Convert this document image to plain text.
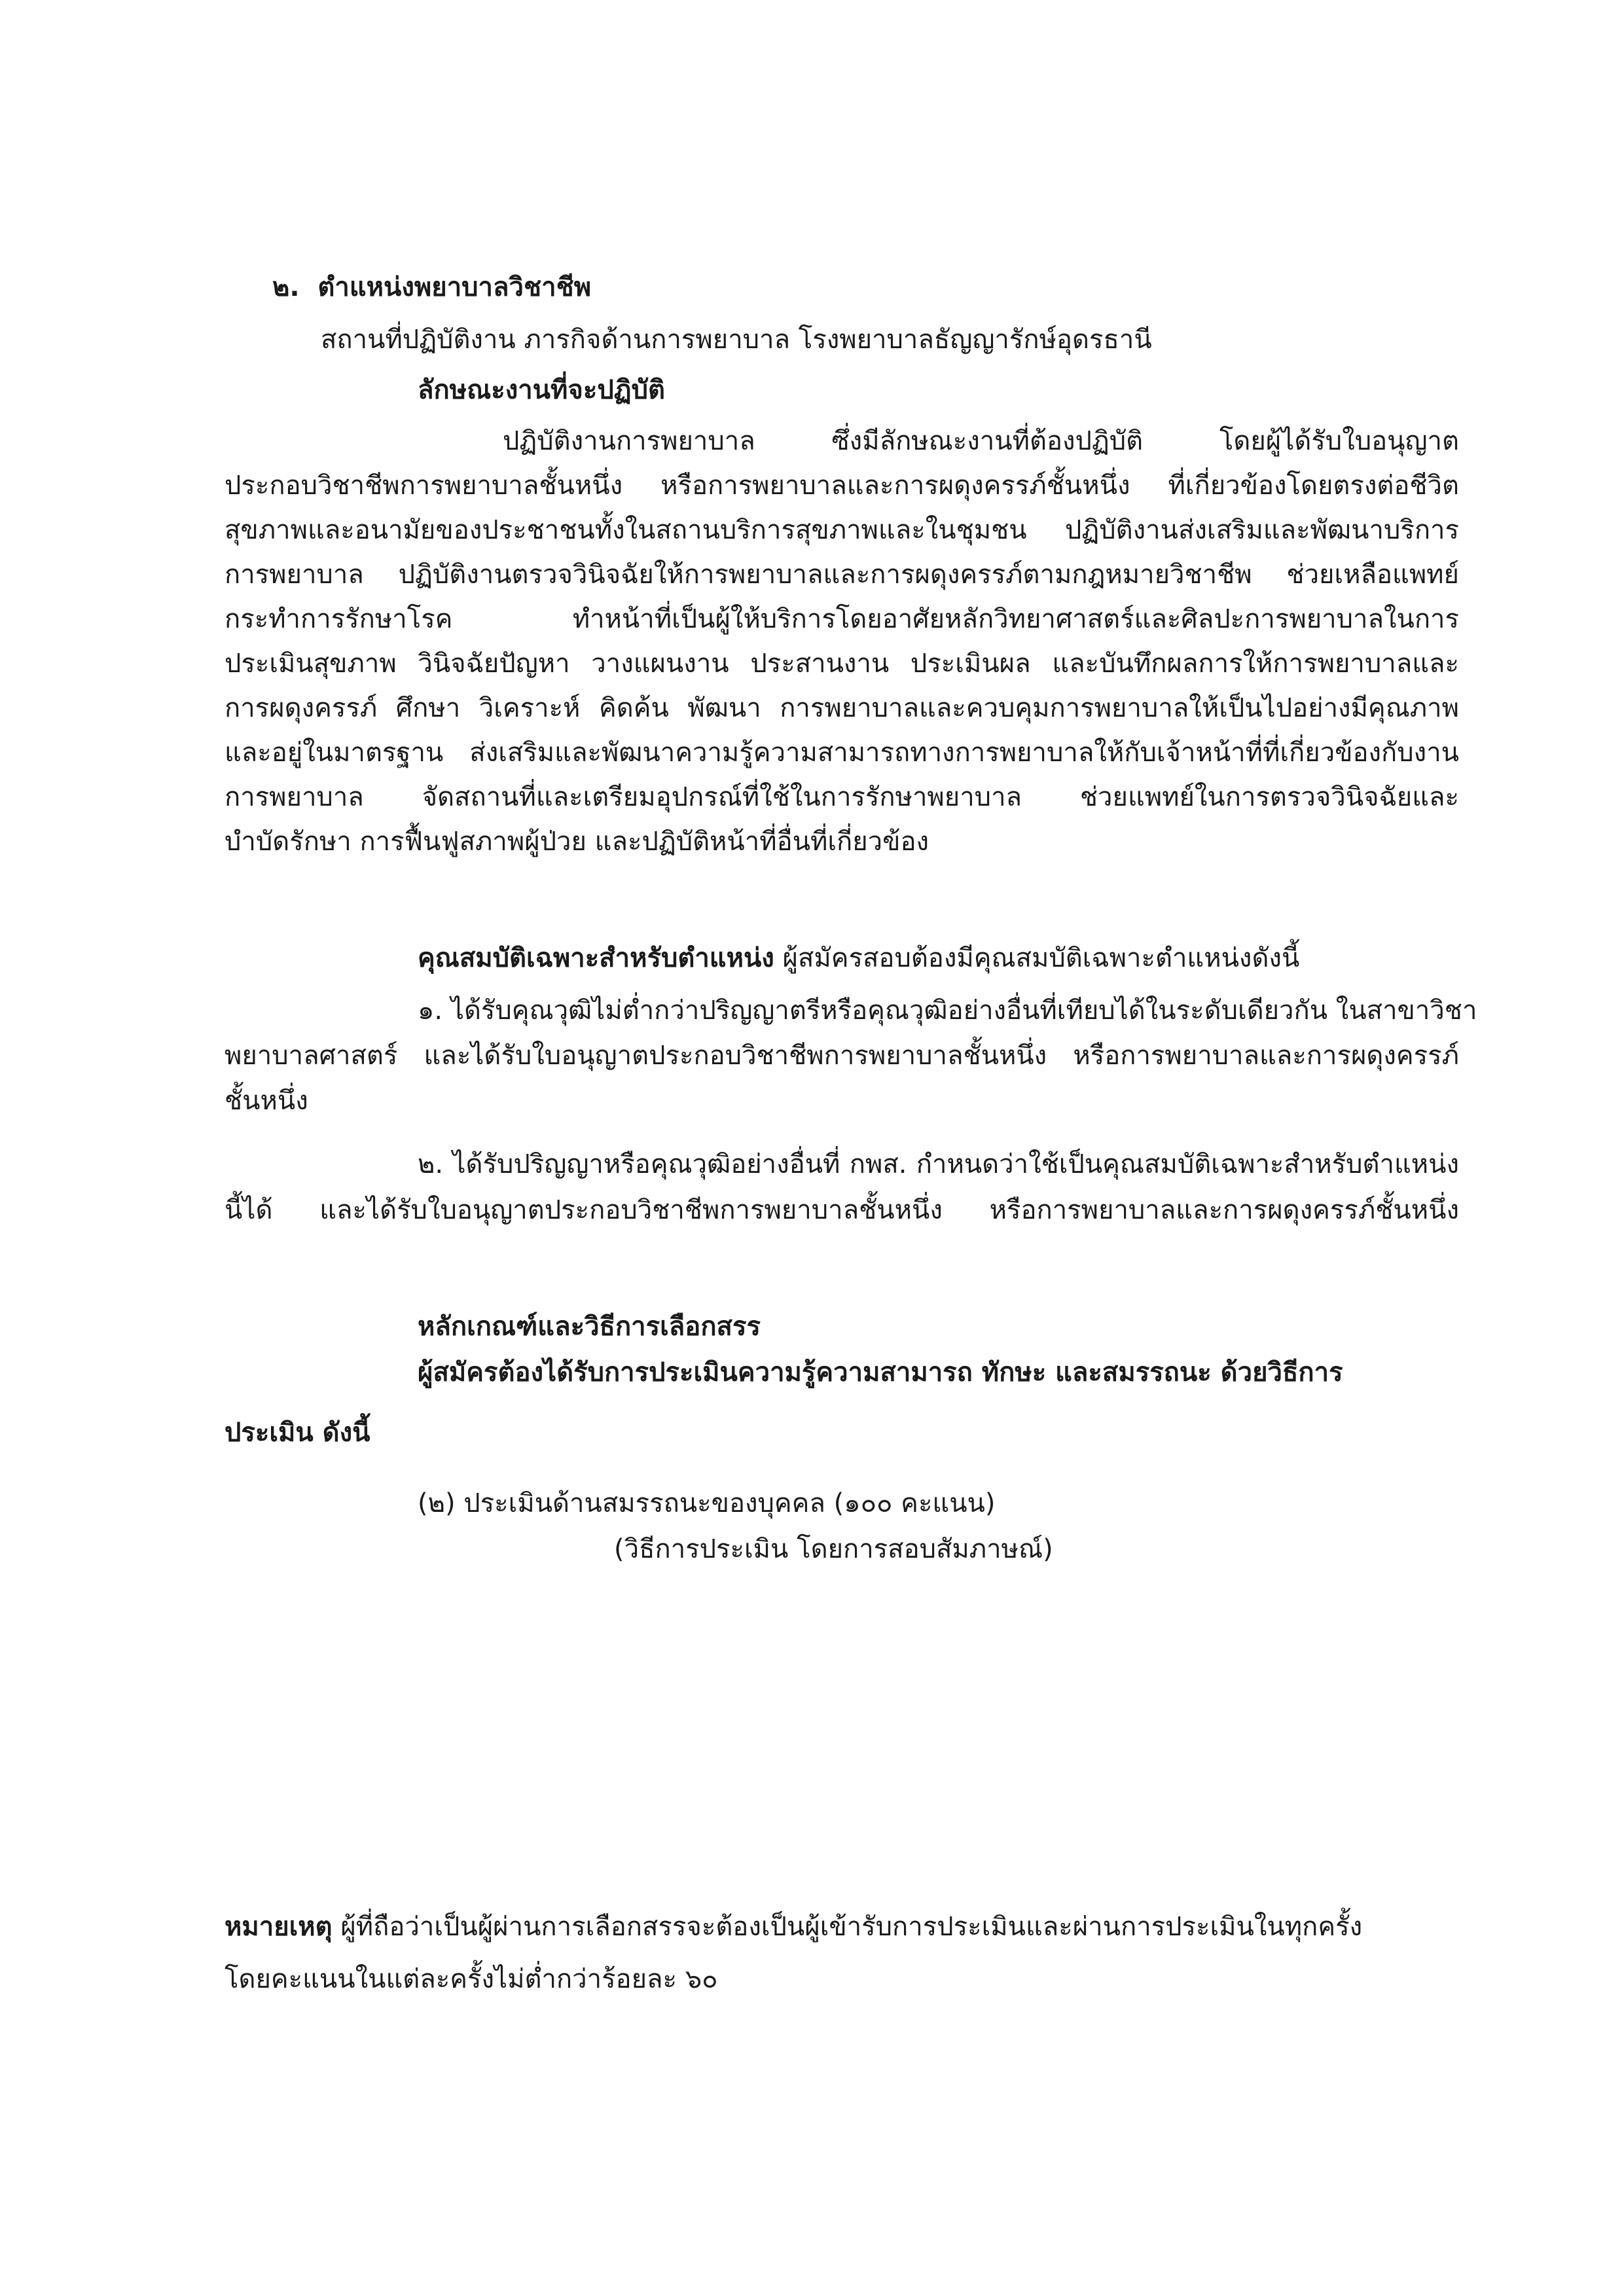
๒. ตำแหน่งพยาบาลวิชาชีพ
สถานที่ปฏิบัติงาน ภารกิจด้านการพยาบาล โรงพยาบาลธัญญารักษ์อุดรธานี
ลักษณะงานที่จะปฏิบัติ
ปฏิบัติงานการพยาบาล ซึ่งมีลักษณะงานที่ต้องปฏิบัติ โดยผู้ได้รับใบอนุญาต
ประกอบวิชาชีพการพยาบาลชั้นหนึ่ง หรือการพยาบาลและการผดุงครรภ์ชั้นหนึ่ง ที่เกี่ยวข้องโดยตรงต่อชีวิต
สุขภาพและอนามัยของประชาชนทั้งในสถานบริการสุขภาพและในชุมชน ปฏิบัติงานส่งเสริมและพัฒนาบริการ
การพยาบาล ปฏิบัติงานตรวจวินิจฉัยให้การพยาบาลและการผดุงครรภ์ตามกฎหมายวิชาชีพ ช่วยเหลือแพทย์
กระทำการรักษาโรค ทำหน้าที่เป็นผู้ให้บริการโดยอาศัยหลักวิทยาศาสตร์และศิลปะการพยาบาลในการ
ประเมินสุขภาพ วินิจฉัยปัญหา วางแผนงาน ประสานงาน ประเมินผล และบันทึกผลการให้การพยาบาลและ
การผดุงครรภ์ ศึกษา วิเคราะห์ คิดค้น พัฒนา การพยาบาลและควบคุมการพยาบาลให้เป็นไปอย่างมีคุณภาพ
และอยู่ในมาตรฐาน ส่งเสริมและพัฒนาความรู้ความสามารถทางการพยาบาลให้กับเจ้าหน้าที่ที่เกี่ยวข้องกับงาน
การพยาบาล จัดสถานที่และเตรียมอุปกรณ์ที่ใช้ในการรักษาพยาบาล ช่วยแพทย์ในการตรวจวินิจฉัยและ
บำบัดรักษา การฟื้นฟูสภาพผู้ป่วย และปฏิบัติหน้าที่อื่นที่เกี่ยวข้อง
คุณสมบัติเฉพาะสำหรับตำแหน่ง ผู้สมัครสอบต้องมีคุณสมบัติเฉพาะตำแหน่งดังนี้
๑. ได้รับคุณวุฒิไม่ต่ำกว่าปริญญาตรีหรือคุณวุฒิอย่างอื่นที่เทียบได้ในระดับเดียวกัน ในสาขาวิชา
พยาบาลศาสตร์ และได้รับใบอนุญาตประกอบวิชาชีพการพยาบาลชั้นหนึ่ง หรือการพยาบาลและการผดุงครรภ์
ชั้นหนึ่ง
๒. ได้รับปริญญาหรือคุณวุฒิอย่างอื่นที่ กพส. กำหนดว่าใช้เป็นคุณสมบัติเฉพาะสำหรับตำแหน่ง
นี้ได้ และได้รับใบอนุญาตประกอบวิชาชีพการพยาบาลชั้นหนึ่ง หรือการพยาบาลและการผดุงครรภ์ชั้นหนึ่ง
หลักเกณฑ์และวิธีการเลือกสรร
ผู้สมัครต้องได้รับการประเมินความรู้ความสามารถ ทักษะ และสมรรถนะ ด้วยวิธีการ
ประเมิน ดังนี้
(๒) ประเมินด้านสมรรถนะของบุคคล (๑๐๐ คะแนน)
(วิธีการประเมิน โดยการสอบสัมภาษณ์)
หมายเหตุ ผู้ที่ถือว่าเป็นผู้ผ่านการเลือกสรรจะต้องเป็นผู้เข้ารับการประเมินและผ่านการประเมินในทุกครั้ง
โดยคะแนนในแต่ละครั้งไม่ต่ำกว่าร้อยละ ๖๐
